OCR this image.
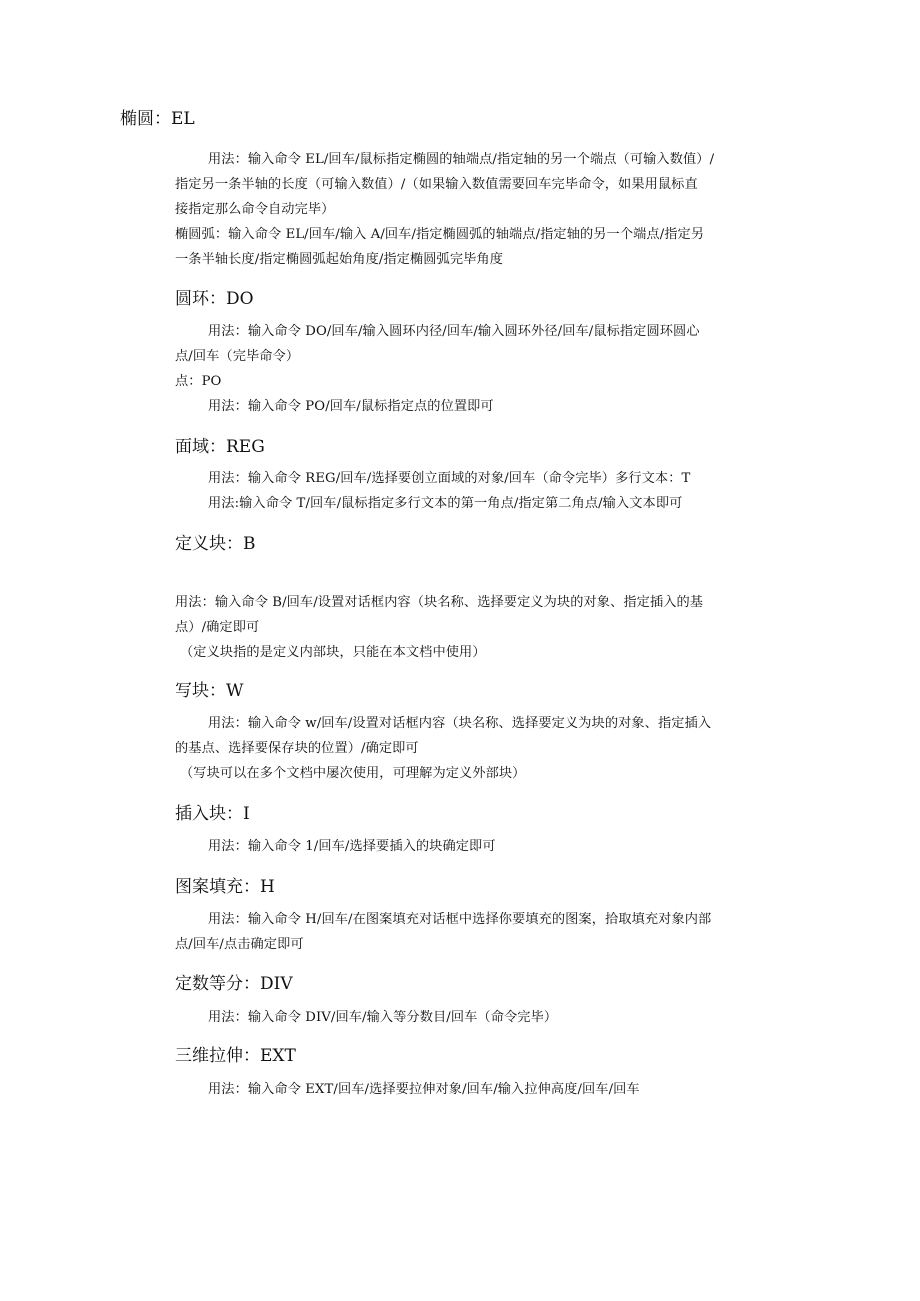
椭圆：EL
用法：输入命令 EL/回车/鼠标指定椭圆的轴端点/指定轴的另一个端点（可输入数值）/
指定另一条半轴的长度（可输入数值）/（如果输入数值需要回车完毕命令，如果用鼠标直
接指定那么命令自动完毕）
椭圆弧：输入命令 EL/回车/输入 A/回车/指定椭圆弧的轴端点/指定轴的另一个端点/指定另
一条半轴长度/指定椭圆弧起始角度/指定椭圆弧完毕角度
圆环：DO
用法：输入命令 DO/回车/输入圆环内径/回车/输入圆环外径/回车/鼠标指定圆环圆心
点/回车（完毕命令）
点：PO
用法：输入命令 PO/回车/鼠标指定点的位置即可
面域：REG
用法：输入命令 REG/回车/选择要创立面域的对象/回车（命令完毕）多行文本：T
用法:输入命令 T/回车/鼠标指定多行文本的第一角点/指定第二角点/输入文本即可
定义块：B
用法：输入命令 B/回车/设置对话框内容（块名称、选择要定义为块的对象、指定插入的基
点）/确定即可
（定义块指的是定义内部块，只能在本文档中使用）
写块：W
用法：输入命令 w/回车/设置对话框内容（块名称、选择要定义为块的对象、指定插入
的基点、选择要保存块的位置）/确定即可
（写块可以在多个文档中屡次使用，可理解为定义外部块）
插入块：I
用法：输入命令 1/回车/选择要插入的块确定即可
图案填充：H
用法：输入命令 H/回车/在图案填充对话框中选择你要填充的图案，拾取填充对象内部
点/回车/点击确定即可
定数等分：DIV
用法：输入命令 DIV/回车/输入等分数目/回车（命令完毕）
三维拉伸：EXT
用法：输入命令 EXT/回车/选择要拉伸对象/回车/输入拉伸高度/回车/回车
